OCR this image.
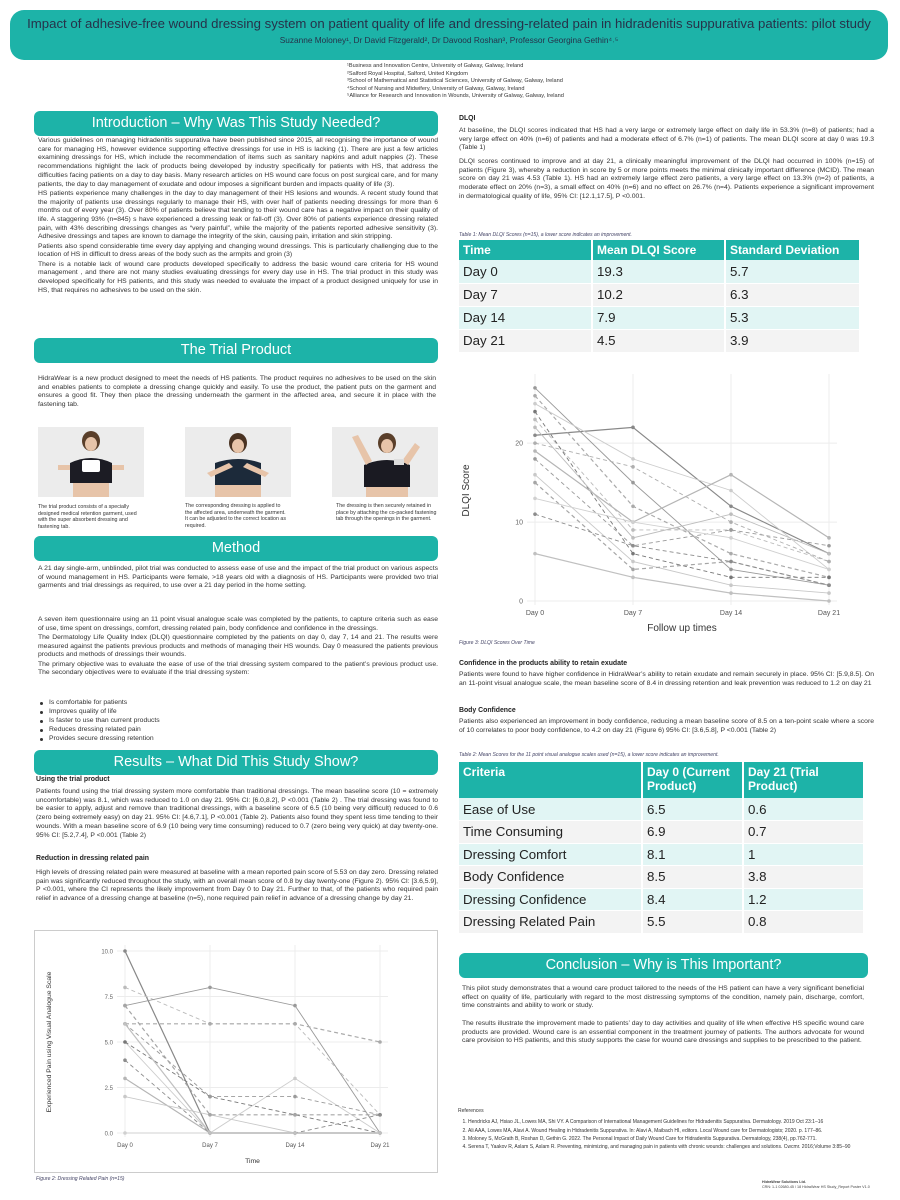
Impact of adhesive-free wound dressing system on patient quality of life and dressing-related pain in hidradenitis suppurativa patients: pilot study
Suzanne Moloney¹, Dr David Fitzgerald², Dr Davood Roshan³, Professor Georgina Gethin⁴˒⁵
¹Business and Innovation Centre, University of Galway, Galway, Ireland
²Salford Royal Hospital, Salford, United Kingdom
³School of Mathematical and Statistical Sciences, University of Galway, Galway, Ireland
⁴School of Nursing and Midwifery, University of Galway, Galway, Ireland
⁵Alliance for Research and Innovation in Wounds, University of Galway, Galway, Ireland
Introduction – Why Was This Study Needed?

Various guidelines on managing hidradenitis suppurativa have been published since 2015, all recognising the importance of wound care for managing HS, however evidence supporting effective dressings for use in HS is lacking (1). There are just a few articles examining dressings for HS, which include the recommendation of items such as sanitary napkins and adult nappies (2). These recommendations highlight the lack of products being developed by industry specifically for patients with HS, that address the difficulties facing patients on a day to day basis. Many research articles on HS wound care focus on post surgical care, and for many patients, the day to day management of exudate and odour imposes a significant burden and impacts quality of life (3).

HS patients experience many challenges in the day to day management of their HS lesions and wounds. A recent study found that the majority of patients use dressings regularly to manage their HS, with over half of patients needing dressings for more than 6 months out of every year (3). Over 80% of patients believe that tending to their wound care has a negative impact on their quality of life. A staggering 93% (n=845) s have experienced a dressing leak or fall-off (3). Over 80% of patients experience dressing related pain, with 43% describing dressings changes as “very painful”, while the majority of the patients reported adhesive sensitivity (3). Adhesive dressings and tapes are known to damage the integrity of the skin, causing pain, irritation and skin stripping.

Patients also spend considerable time every day applying and changing wound dressings. This is particularly challenging due to the location of HS in difficult to dress areas of the body such as the armpits and groin (3)

There is a notable lack of wound care products developed specifically to address the basic wound care criteria for HS wound management , and there are not many studies evaluating dressings for every day use in HS. The trial product in this study was developed specifically for HS patients, and this study was needed to evaluate the impact of a product designed uniquely for use in HS, that requires no adhesives to be used on the skin.

The Trial Product
HidraWear is a new product designed to meet the needs of HS patients. The product requires no adhesives to be used on the skin and enables patients to complete a dressing change quickly and easily. To use the product, the patient puts on the garment and ensures a good fit. They then place the dressing underneath the garment in the affected area, and secure it in place with the fastening tab.
The trial product consists of a specially designed medical retention garment, used with the super absorbent dressing and fastening tab.
The corresponding dressing is applied to the affected area, underneath the garment. It can be adjusted to the correct location as required.
The dressing is then securely retained in place by attaching the co-packed fastening tab through the openings in the garment.
Method

A 21 day single-arm, unblinded, pilot trial was conducted to assess ease of use and the impact of the trial product on various aspects of wound management in HS. Participants were female, >18 years old with a diagnosis of HS. Participants were provided two trial garments and trial dressings as required, to use over a 21 day period in the home setting.

A seven item questionnaire using an 11 point visual analogue scale was completed by the patients, to capture criteria such as ease of use, time spent on dressings, comfort, dressing related pain, body confidence and confidence in the dressings.

The Dermatology Life Quality Index (DLQI) questionnaire completed by the patients on day 0, day 7, 14 and 21. The results were measured against the patients previous products and methods of managing their HS wounds. Day 0 measured the patients previous products and methods of dressings their wounds.

The primary objective was to evaluate the ease of use of the trial dressing system compared to the patient’s previous product use. The secondary objectives were to evaluate if the trial dressing system:

Is comfortable for patients
Improves quality of life
Is faster to use than current products
Reduces dressing related pain
Provides secure dressing retention
Results – What Did This Study Show?
Using the trial product
Patients found using the trial dressing system more comfortable than traditional dressings. The mean baseline score (10 = extremely uncomfortable) was 8.1, which was reduced to 1.0 on day 21. 95% CI: [6.0,8.2], P <0.001 (Table 2) . The trial dressing was found to be easier to apply, adjust and remove than traditional dressings, with a baseline score of 6.5 (10 being very difficult) reduced to 0.6 (zero being extremely easy) on day 21. 95% CI: [4.6,7.1], P <0.001 (Table 2). Patients also found they spent less time tending to their wounds. With a mean baseline score of 6.9 (10 being very time consuming) reduced to 0.7 (zero being very quick) at day twenty-one. 95% CI: [5.2,7.4], P <0.001 (Table 2)
Reduction in dressing related pain
High levels of dressing related pain were measured at baseline with a mean reported pain score of 5.53 on day zero. Dressing related pain was significantly reduced throughout the study, with an overall mean score of 0.8 by day twenty-one (Figure 2). 95% CI: [3.6,5.9], P <0.001, where the CI represents the likely improvement from Day 0 to Day 21. Further to that, of the patients who required pain relief in advance of a dressing change at baseline (n=5), none required pain relief in advance of a dressing change by day 21.
0.0
2.5
5.0
7.5
10.0
Day 0	Day 7	Day 14	Day 21
Time
Experienced Pain using Visual Analogue Scale
Figure 2: Dressing Related Pain (n=15)
DLQI
At baseline, the DLQI scores indicated that HS had a very large or extremely large effect on daily life in 53.3% (n=8) of patients; had a very large effect on 40% (n=6) of patients and had a moderate effect of 6.7% (n=1) of patients. The mean DLQI score at day 0 was 19.3 (Table 1)
DLQI scores continued to improve and at day 21, a clinically meaningful improvement of the DLQI had occurred in 100% (n=15) of patients (Figure 3), whereby a reduction in score by 5 or more points meets the minimal clinically important difference (MCID). The mean score on day 21 was 4.53 (Table 1). HS had an extremely large effect zero patients, a very large effect on 13.3% (n=2) of patients, a moderate effect on 20% (n=3), a small effect on 40% (n=6) and no effect on 26.7% (n=4). Patients experience a significant improvement in dermatological quality of life, 95% CI: [12.1,17.5], P <0.001.
Table 1: Mean DLQI Scores (n=15), a lower score indicates an improvement.
Time	Mean DLQI Score	Standard Deviation
Day 0	19.3	5.7
Day 7	10.2	6.3
Day 14	7.9	5.3
Day 21	4.5	3.9
0
10
20
Day 0	Day 7	Day 14	Day 21
Follow up times
DLQI Score
Figure 3: DLQI Scores Over Time
Confidence in the products ability to retain exudate
Patients were found to have higher confidence in HidraWear’s ability to retain exudate and remain securely in place. 95% CI: [5.9,8.5]. On an 11-point visual analogue scale, the mean baseline score of 8.4 in dressing retention and leak prevention was reduced to 1.2 on day 21
Body Confidence
Patients also experienced an improvement in body confidence, reducing a mean baseline score of 8.5 on a ten-point scale where a score of 10 correlates to poor body confidence, to 4.2 on day 21 (Figure 6) 95% CI: [3.6,5.8], P <0.001 (Table 2)
Table 2: Mean Scores for the 11 point visual analogue scales used (n=15), a lower score indicates an improvement.
Criteria	Day 0 (Current Product)	Day 21 (Trial Product)
Ease of Use	6.5	0.6
Time Consuming	6.9	0.7
Dressing Comfort	8.1	1
Body Confidence	8.5	3.8
Dressing Confidence	8.4	1.2
Dressing Related Pain	5.5	0.8
Conclusion – Why is This Important?
This pilot study demonstrates that a wound care product tailored to the needs of the HS patient can have a very significant beneficial effect on quality of life, particularly with regard to the most distressing symptoms of the condition, namely pain, discharge, comfort, time constraints and ability to work or study.
The results illustrate the improvement made to patients’ day to day activities and quality of life when effective HS specific wound care products are provided. Wound care is an essential component in the treatment journey of patients. The authors advocate for wound care provision to HS patients, and this study supports the case for wound care dressings and supplies to be prescribed to the patient.
References
1. Hendricks AJ, Hsiao JL, Lowes MA, Shi VY. A Comparison of International Management Guidelines for Hidradenitis Suppurativa. Dermatology. 2019 Oct 23:1–16
2. Ali AAA, Lowes MA, Alavi A. Wound Healing in Hidradenitis Suppurativa. In: Alavi A, Maibach HI, editors. Local Wound care for Dermatologists; 2020. p. 177–86.
3. Moloney S, McGrath B, Roshan D, Gethin G. 2022. The Personal Impact of Daily Wound Care for Hidradenitis Suppurativa. Dermatology, 238(4), pp.762-771.
4. Serena T, Yaakov R, Aslam S, Aslam R. Preventing, minimizing, and managing pain in patients with chronic wounds: challenges and solutions. Cwcmr. 2016;Volume 3:85–90
HidraWear Solutions Ltd.
CRN: 1-1 02680-45 / 18 HidraWear HS Study_Report Poster V1.0
